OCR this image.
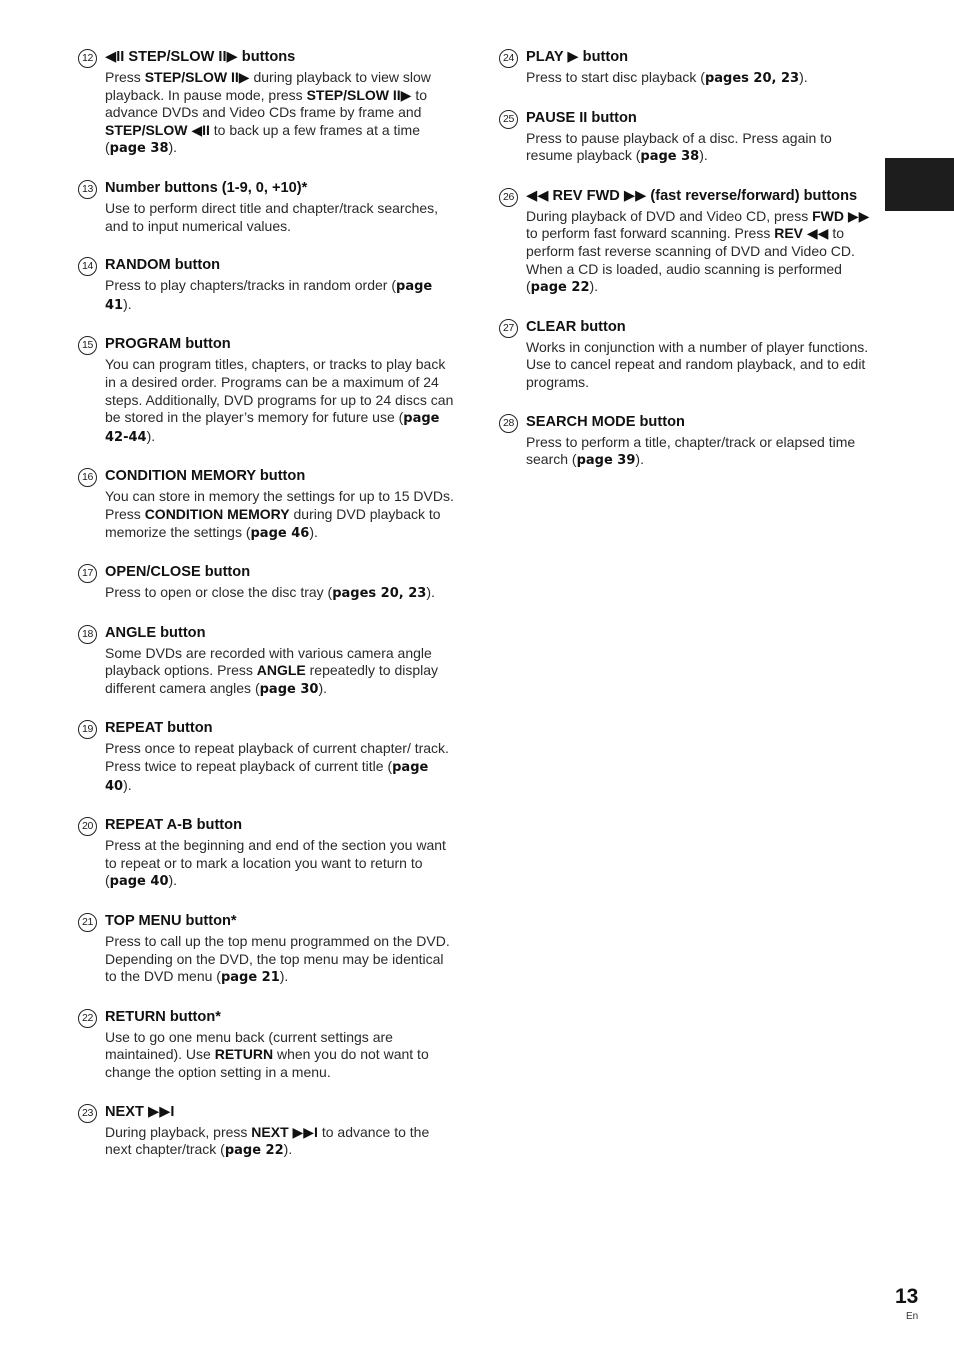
12 ◀II STEP/SLOW II▶ buttons

Press STEP/SLOW II▶ during playback to view slow playback. In pause mode, press STEP/SLOW II▶ to advance DVDs and Video CDs frame by frame and STEP/SLOW ◀II to back up a few frames at a time (page 38).

13 Number buttons (1-9, 0, +10)*

Use to perform direct title and chapter/track searches, and to input numerical values.

14 RANDOM button

Press to play chapters/tracks in random order (page 41).

15 PROGRAM button

You can program titles, chapters, or tracks to play back in a desired order. Programs can be a maximum of 24 steps. Additionally, DVD programs for up to 24 discs can be stored in the player’s memory for future use (page 42-44).

16 CONDITION MEMORY button

You can store in memory the settings for up to 15 DVDs. Press CONDITION MEMORY during DVD playback to memorize the settings (page 46).

17 OPEN/CLOSE button

Press to open or close the disc tray (pages 20, 23).

18 ANGLE button

Some DVDs are recorded with various camera angle playback options. Press ANGLE repeatedly to display different camera angles (page 30).

19 REPEAT button

Press once to repeat playback of current chapter/ track. Press twice to repeat playback of current title (page 40).

20 REPEAT A-B button

Press at the beginning and end of the section you want to repeat or to mark a location you want to return to (page 40).

21 TOP MENU button*

Press to call up the top menu programmed on the DVD. Depending on the DVD, the top menu may be identical to the DVD menu (page 21).

22 RETURN button*

Use to go one menu back (current settings are maintained). Use RETURN when you do not want to change the option setting in a menu.

23 NEXT ▶▶I

During playback, press NEXT ▶▶I to advance to the next chapter/track (page 22).

24 PLAY ▶ button

Press to start disc playback (pages 20, 23).

25 PAUSE II button

Press to pause playback of a disc. Press again to resume playback (page 38).

26 ◀◀ REV FWD ▶▶ (fast reverse/forward) buttons

During playback of DVD and Video CD, press FWD ▶▶ to perform fast forward scanning. Press REV ◀◀ to perform fast reverse scanning of DVD and Video CD. When a CD is loaded, audio scanning is performed (page 22).

27 CLEAR button

Works in conjunction with a number of player functions. Use to cancel repeat and random playback, and to edit programs.

28 SEARCH MODE button

Press to perform a title, chapter/track or elapsed time search (page 39).

13
En
